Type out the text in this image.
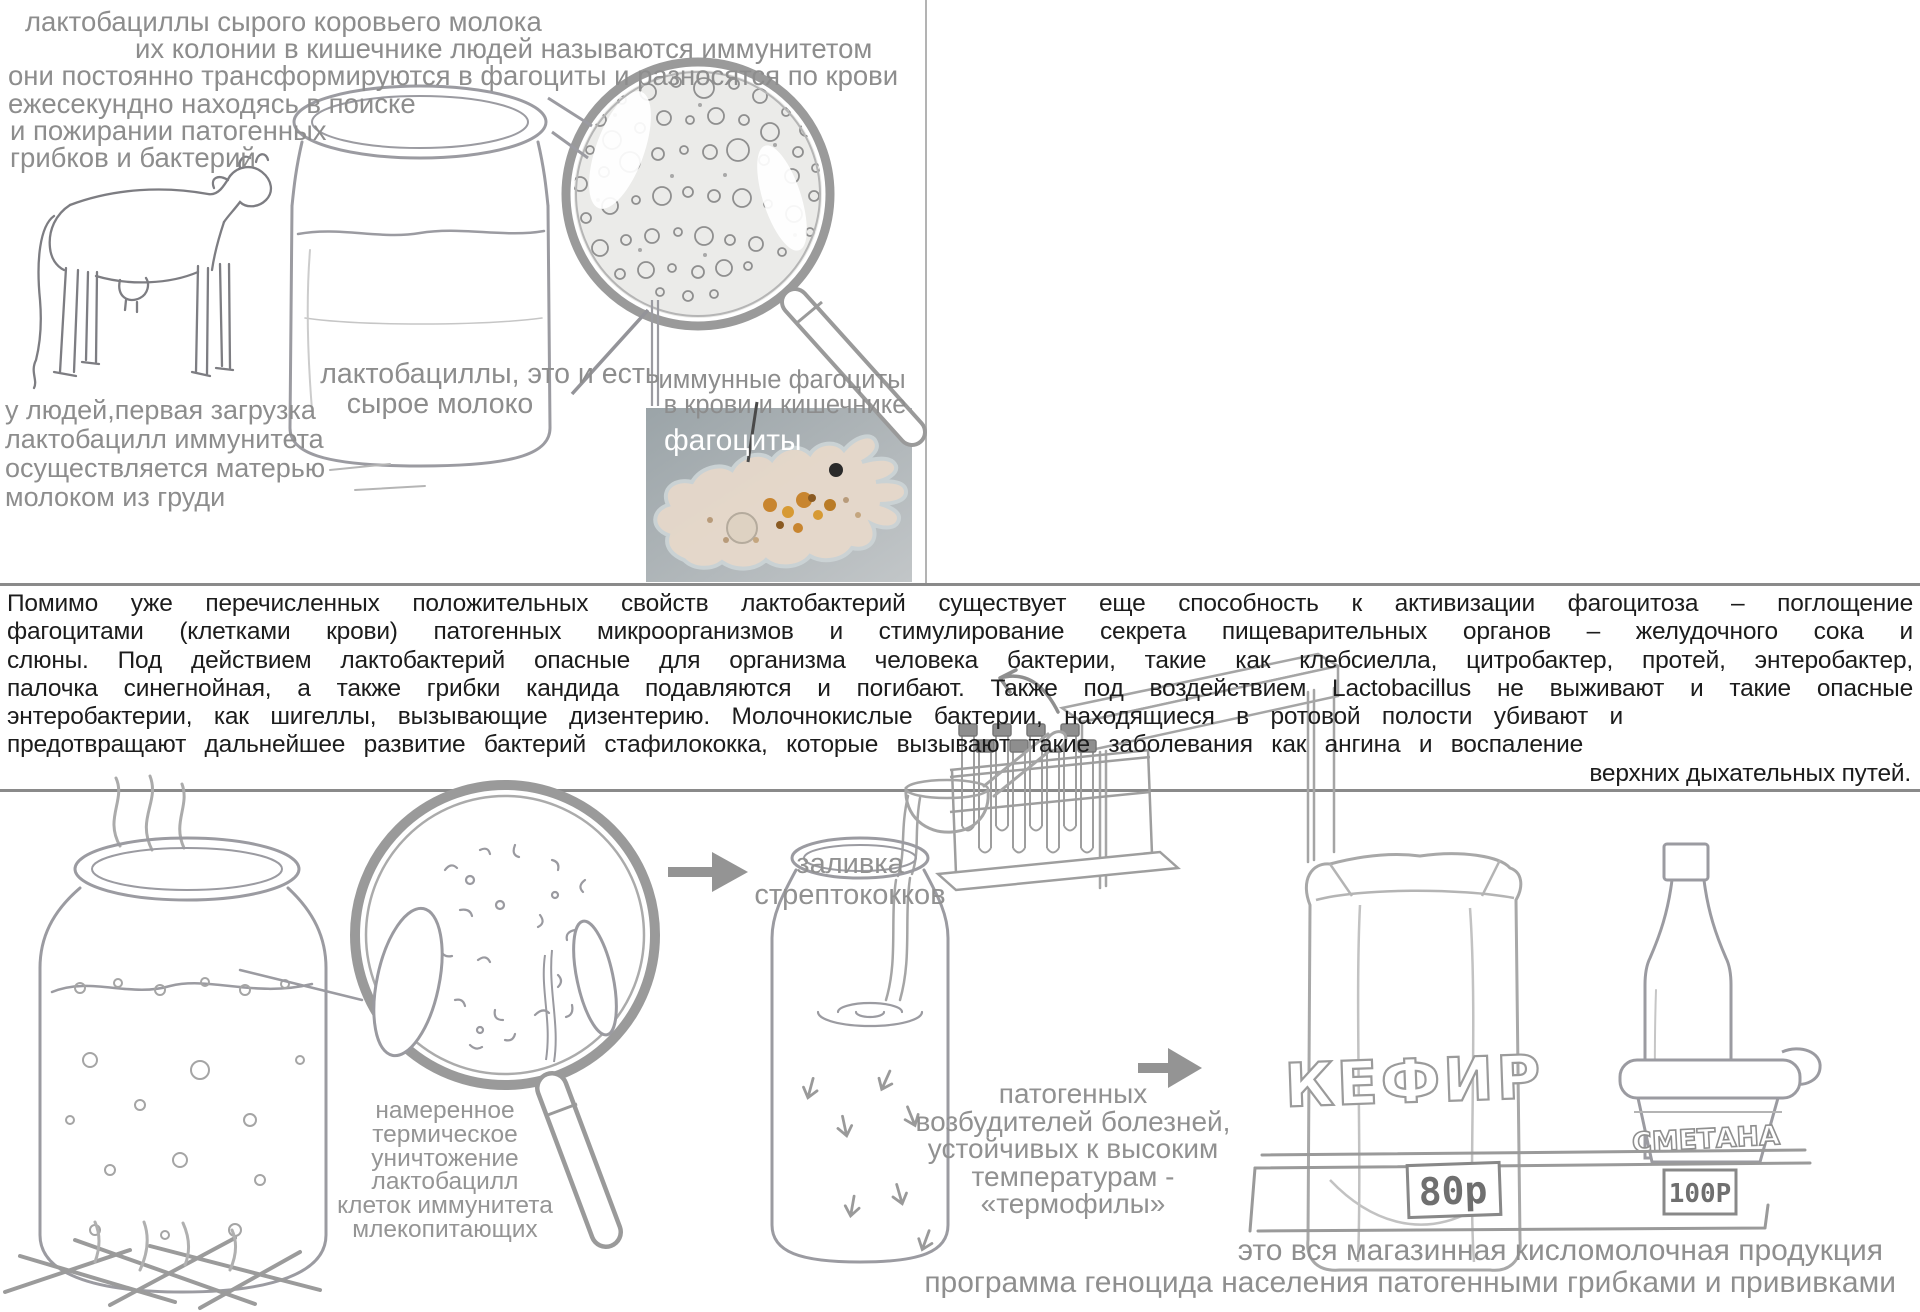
КЕФИР
СМЕТАНА
80р	100Р
лактобациллы сырого коровьего молока
их колонии в кишечнике людей называются иммунитетом
они постоянно трансформируются в фагоциты и разносятся по крови
ежесекундно находясь в поиске
и пожирании патогенных
грибков и бактерий
у людей,первая загрузка
лактобацилл иммунитета
осуществляется матерью
молоком из груди
лактобациллы, это и есть
сырое молоко
иммунные фагоциты
в крови и кишечнике
фагоциты
Помимо уже перечисленных положительных свойств лактобактерий существует еще способность к активизации фагоцитоза – поглощение
фагоцитами (клетками крови) патогенных микроорганизмов и стимулирование секрета пищеварительных органов – желудочного сока и
слюны. Под действием лактобактерий опасные для организма человека бактерии, такие как клебсиелла, цитробактер, протей, энтеробактер,
палочка синегнойная, а также грибки кандида подавляются и погибают. Также под воздействием Lactobacillus не выживают и такие опасные
энтеробактерии, как шигеллы, вызывающие дизентерию. Молочнокислые бактерии, находящиеся в ротовой полости убивают и
предотвращают дальнейшее развитие бактерий стафилококка, которые вызывают такие заболевания как ангина и воспаление
верхних дыхательных путей.
намеренное
термическое
уничтожение
лактобацилл
клеток иммунитета
млекопитающих
заливка
стрептококков
патогенных
возбудителей болезней,
устойчивых к высоким
температурам -
«термофилы»
это вся магазинная кисломолочная продукция
программа геноцида населения патогенными грибками и прививками
